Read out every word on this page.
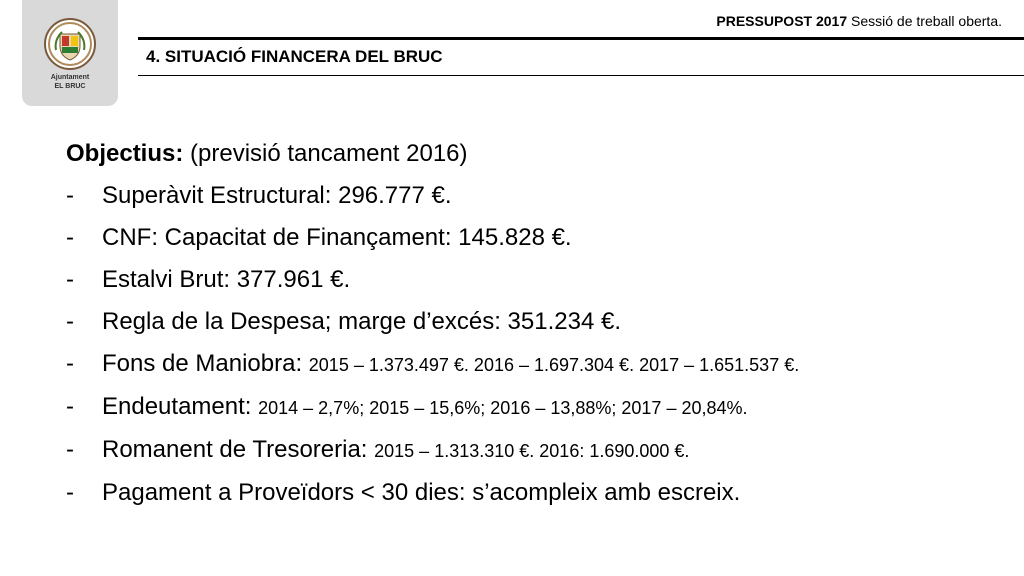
Ajuntament
EL BRUC
PRESSUPOST 2017 Sessió de treball oberta.
4. SITUACIÓ FINANCERA DEL BRUC
Objectius: (previsió tancament 2016)
- Superàvit Estructural: 296.777 €.
- CNF: Capacitat de Finançament: 145.828 €.
- Estalvi Brut: 377.961 €.
- Regla de la Despesa; marge d’excés: 351.234 €.
- Fons de Maniobra: 2015 – 1.373.497 €. 2016 – 1.697.304 €. 2017 – 1.651.537 €.
- Endeutament: 2014 – 2,7%; 2015 – 15,6%; 2016 – 13,88%; 2017 – 20,84%.
- Romanent de Tresoreria: 2015 – 1.313.310 €. 2016: 1.690.000 €.
- Pagament a Proveïdors < 30 dies: s’acompleix amb escreix.
